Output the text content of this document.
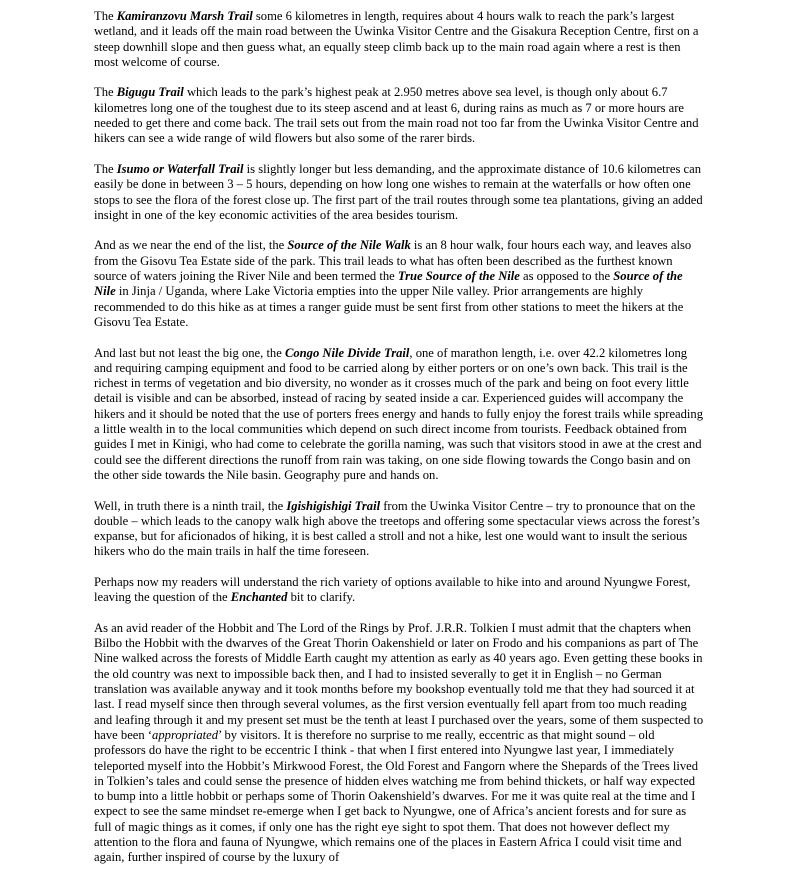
The Kamiranzovu Marsh Trail some 6 kilometres in length, requires about 4 hours walk to reach the park’s largest wetland, and it leads off the main road between the Uwinka Visitor Centre and the Gisakura Reception Centre, first on a steep downhill slope and then guess what, an equally steep climb back up to the main road again where a rest is then most welcome of course.

The Bigugu Trail which leads to the park’s highest peak at 2.950 metres above sea level, is though only about 6.7 kilometres long one of the toughest due to its steep ascend and at least 6, during rains as much as 7 or more hours are needed to get there and come back. The trail sets out from the main road not too far from the Uwinka Visitor Centre and hikers can see a wide range of wild flowers but also some of the rarer birds.

The Isumo or Waterfall Trail is slightly longer but less demanding, and the approximate distance of 10.6 kilometres can easily be done in between 3 – 5 hours, depending on how long one wishes to remain at the waterfalls or how often one stops to see the flora of the forest close up. The first part of the trail routes through some tea plantations, giving an added insight in one of the key economic activities of the area besides tourism.

And as we near the end of the list, the Source of the Nile Walk is an 8 hour walk, four hours each way, and leaves also from the Gisovu Tea Estate side of the park. This trail leads to what has often been described as the furthest known source of waters joining the River Nile and been termed the True Source of the Nile as opposed to the Source of the Nile in Jinja / Uganda, where Lake Victoria empties into the upper Nile valley. Prior arrangements are highly recommended to do this hike as at times a ranger guide must be sent first from other stations to meet the hikers at the Gisovu Tea Estate.

And last but not least the big one, the Congo Nile Divide Trail, one of marathon length, i.e. over 42.2 kilometres long and requiring camping equipment and food to be carried along by either porters or on one’s own back. This trail is the richest in terms of vegetation and bio diversity, no wonder as it crosses much of the park and being on foot every little detail is visible and can be absorbed, instead of racing by seated inside a car. Experienced guides will accompany the hikers and it should be noted that the use of porters frees energy and hands to fully enjoy the forest trails while spreading a little wealth in to the local communities which depend on such direct income from tourists. Feedback obtained from guides I met in Kinigi, who had come to celebrate the gorilla naming, was such that visitors stood in awe at the crest and could see the different directions the runoff from rain was taking, on one side flowing towards the Congo basin and on the other side towards the Nile basin. Geography pure and hands on.

Well, in truth there is a ninth trail, the Igishigishigi Trail from the Uwinka Visitor Centre – try to pronounce that on the double – which leads to the canopy walk high above the treetops and offering some spectacular views across the forest’s expanse, but for aficionados of hiking, it is best called a stroll and not a hike, lest one would want to insult the serious hikers who do the main trails in half the time foreseen.

Perhaps now my readers will understand the rich variety of options available to hike into and around Nyungwe Forest, leaving the question of the Enchanted bit to clarify.

As an avid reader of the Hobbit and The Lord of the Rings by Prof. J.R.R. Tolkien I must admit that the chapters when Bilbo the Hobbit with the dwarves of the Great Thorin Oakenshield or later on Frodo and his companions as part of The Nine walked across the forests of Middle Earth caught my attention as early as 40 years ago. Even getting these books in the old country was next to impossible back then, and I had to insisted severally to get it in English – no German translation was available anyway and it took months before my bookshop eventually told me that they had sourced it at last. I read myself since then through several volumes, as the first version eventually fell apart from too much reading and leafing through it and my present set must be the tenth at least I purchased over the years, some of them suspected to have been ‘appropriated’ by visitors. It is therefore no surprise to me really, eccentric as that might sound – old professors do have the right to be eccentric I think - that when I first entered into Nyungwe last year, I immediately teleported myself into the Hobbit’s Mirkwood Forest, the Old Forest and Fangorn where the Shepards of the Trees lived in Tolkien’s tales and could sense the presence of hidden elves watching me from behind thickets, or half way expected to bump into a little hobbit or perhaps some of Thorin Oakenshield’s dwarves. For me it was quite real at the time and I expect to see the same mindset re-emerge when I get back to Nyungwe, one of Africa’s ancient forests and for sure as full of magic things as it comes, if only one has the right eye sight to spot them. That does not however deflect my attention to the flora and fauna of Nyungwe, which remains one of the places in Eastern Africa I could visit time and again, further inspired of course by the luxury of
